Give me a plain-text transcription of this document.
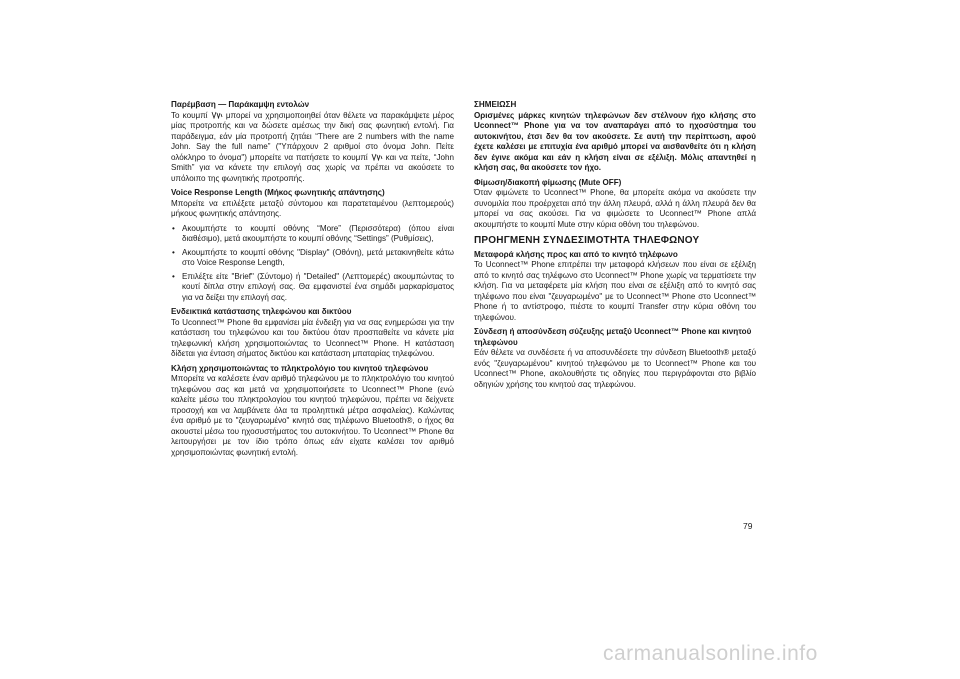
Παρέμβαση — Παράκαμψη εντολών

Το κουμπί μπορεί να χρησιμοποιηθεί όταν θέλετε να παρακάμψετε μέρος μίας προτροπής και να δώσετε αμέσως την δική σας φωνητική εντολή. Για παράδειγμα, εάν μία προτροπή ζητάει “There are 2 numbers with the name John. Say the full name” ("Υπάρχουν 2 αριθμοί στο όνομα John. Πείτε ολόκληρο το όνομα") μπορείτε να πατήσετε το κουμπί και να πείτε, “John Smith” για να κάνετε την επιλογή σας χωρίς να πρέπει να ακούσετε το υπόλοιπο της φωνητικής προτροπής.

Voice Response Length (Μήκος φωνητικής απάντησης)

Μπορείτε να επιλέξετε μεταξύ σύντομου και παρατεταμένου (λεπτομερούς) μήκους φωνητικής απάντησης.

• Ακουμπήστε το κουμπί οθόνης “More” (Περισσότερα) (όπου είναι διαθέσιμο), μετά ακουμπήστε το κουμπί οθόνης “Settings” (Ρυθμίσεις),
• Ακουμπήστε το κουμπί οθόνης "Display" (Οθόνη), μετά μετακινηθείτε κάτω στο Voice Response Length,
• Επιλέξτε είτε "Brief" (Σύντομο) ή "Detailed" (Λεπτομερές) ακουμπώντας το κουτί δίπλα στην επιλογή σας. Θα εμφανιστεί ένα σημάδι μαρκαρίσματος για να δείξει την επιλογή σας.
Ενδεικτικά κατάστασης τηλεφώνου και δικτύου

Το Uconnect™ Phone θα εμφανίσει μία ένδειξη για να σας ενημερώσει για την κατάσταση του τηλεφώνου και του δικτύου όταν προσπαθείτε να κάνετε μία τηλεφωνική κλήση χρησιμοποιώντας το Uconnect™ Phone. Η κατάσταση δίδεται για ένταση σήματος δικτύου και κατάσταση μπαταρίας τηλεφώνου.

Κλήση χρησιμοποιώντας το πληκτρολόγιο του κινητού τηλεφώνου

Μπορείτε να καλέσετε έναν αριθμό τηλεφώνου με το πληκτρολόγιο του κινητού τηλεφώνου σας και μετά να χρησιμοποιήσετε το Uconnect™ Phone (ενώ καλείτε μέσω του πληκτρολογίου του κινητού τηλεφώνου, πρέπει να δείχνετε προσοχή και να λαμβάνετε όλα τα προληπτικά μέτρα ασφαλείας). Καλώντας ένα αριθμό με το "ζευγαρωμένο" κινητό σας τηλέφωνο Bluetooth®, ο ήχος θα ακουστεί μέσω του ηχοσυστήματος του αυτοκινήτου. Το Uconnect™ Phone θα λειτουργήσει με τον ίδιο τρόπο όπως εάν είχατε καλέσει τον αριθμό χρησιμοποιώντας φωνητική εντολή.

ΣΗΜΕΙΩΣΗ

Ορισμένες μάρκες κινητών τηλεφώνων δεν στέλνουν ήχο κλήσης στο Uconnect™ Phone για να τον αναπαράγει από το ηχοσύστημα του αυτοκινήτου, έτσι δεν θα τον ακούσετε. Σε αυτή την περίπτωση, αφού έχετε καλέσει με επιτυχία ένα αριθμό μπορεί να αισθανθείτε ότι η κλήση δεν έγινε ακόμα και εάν η κλήση είναι σε εξέλιξη. Μόλις απαντηθεί η κλήση σας, θα ακούσετε τον ήχο.

Φίμωση/διακοπή φίμωσης (Mute OFF)

Όταν φιμώνετε το Uconnect™ Phone, θα μπορείτε ακόμα να ακούσετε την συνομιλία που προέρχεται από την άλλη πλευρά, αλλά η άλλη πλευρά δεν θα μπορεί να σας ακούσει. Για να φιμώσετε το Uconnect™ Phone απλά ακουμπήστε το κουμπί Mute στην κύρια οθόνη του τηλεφώνου.

ΠΡΟΗΓΜΕΝΗ ΣΥΝΔΕΣΙΜΟΤΗΤΑ ΤΗΛΕΦΩΝΟΥ
Μεταφορά κλήσης προς και από το κινητό τηλέφωνο

Το Uconnect™ Phone επιτρέπει την μεταφορά κλήσεων που είναι σε εξέλιξη από το κινητό σας τηλέφωνο στο Uconnect™ Phone χωρίς να τερματίσετε την κλήση. Για να μεταφέρετε μία κλήση που είναι σε εξέλιξη από το κινητό σας τηλέφωνο που είναι "ζευγαρωμένο" με το Uconnect™ Phone στο Uconnect™ Phone ή το αντίστροφο, πιέστε το κουμπί Transfer στην κύρια οθόνη του τηλεφώνου.

Σύνδεση ή αποσύνδεση σύζευξης μεταξύ Uconnect™ Phone και κινητού τηλεφώνου

Εάν θέλετε να συνδέσετε ή να αποσυνδέσετε την σύνδεση Bluetooth® μεταξύ ενός "ζευγαρωμένου" κινητού τηλεφώνου με το Uconnect™ Phone και του Uconnect™ Phone, ακολουθήστε τις οδηγίες που περιγράφονται στο βιβλίο οδηγιών χρήσης του κινητού σας τηλεφώνου.

79
carmanualsonline.info
